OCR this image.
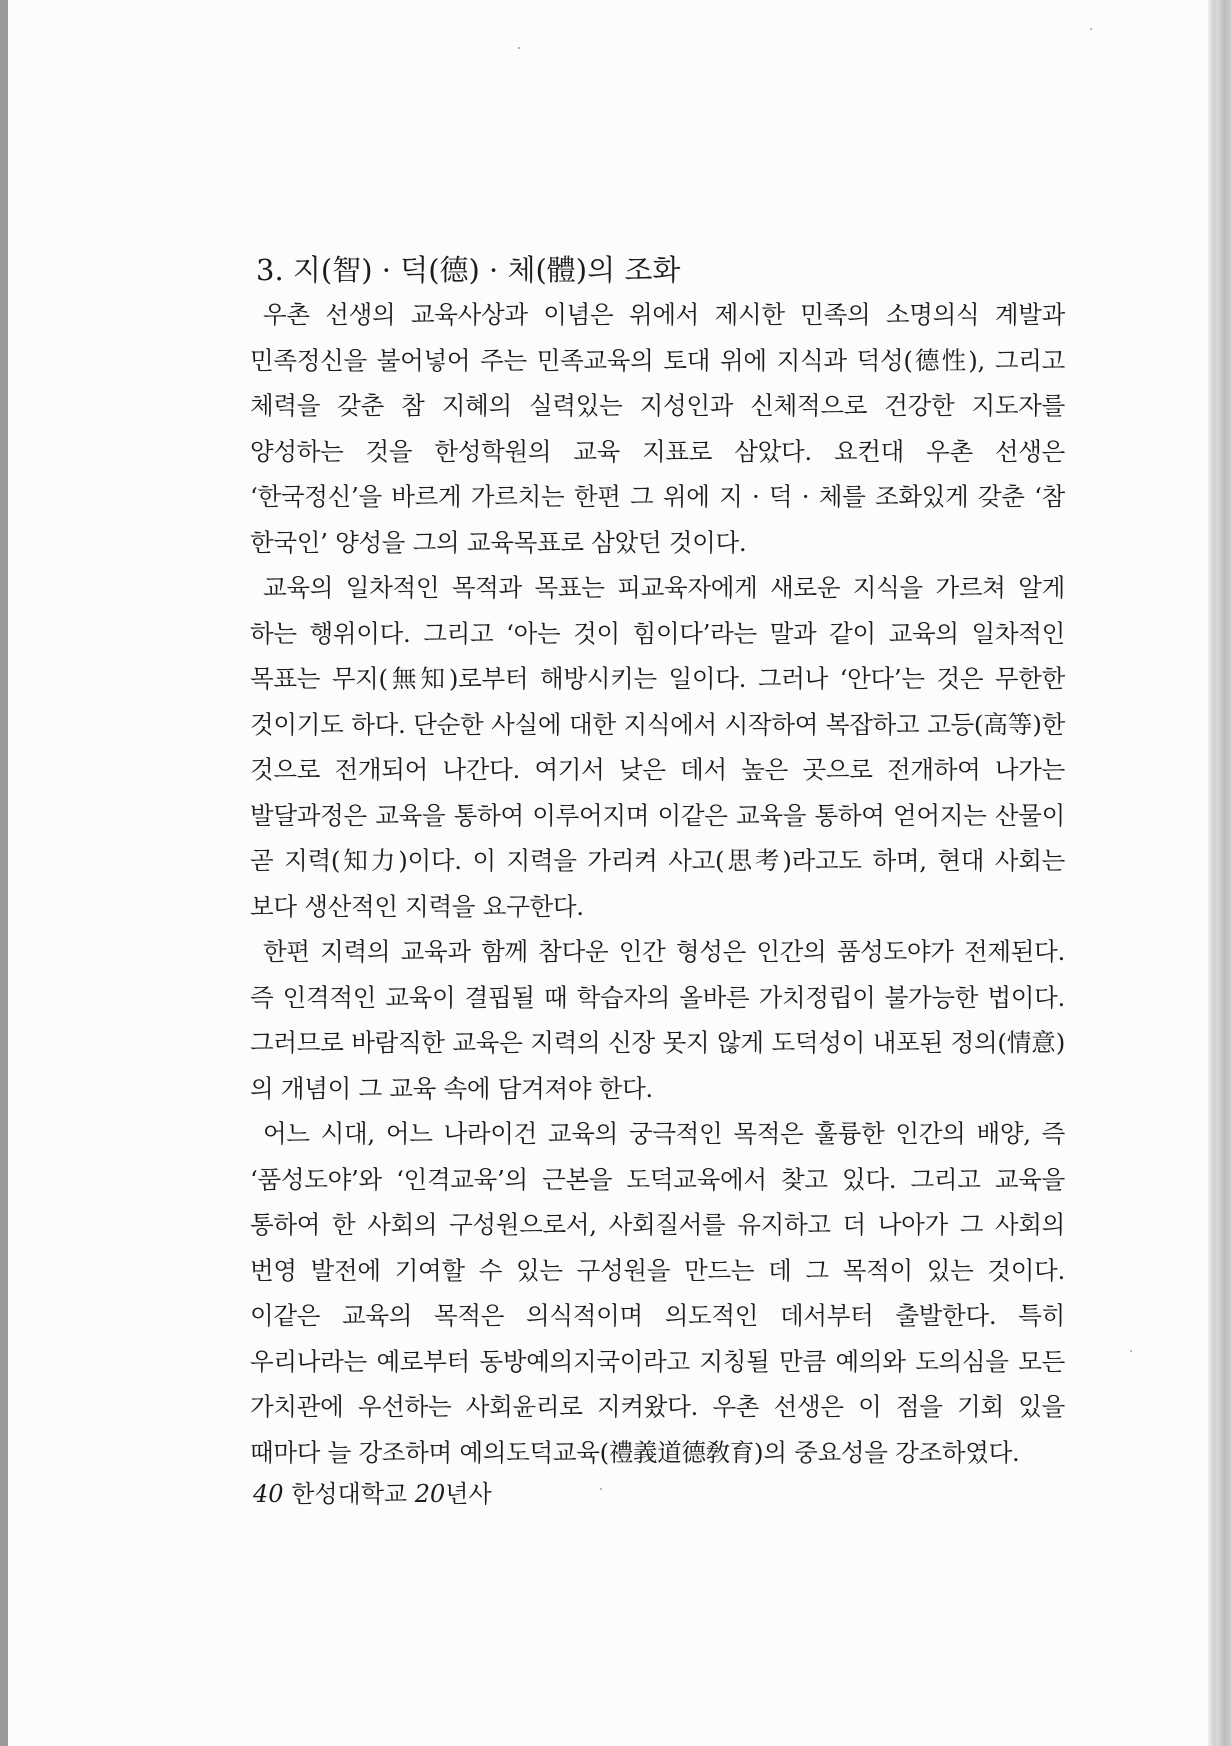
3. 지(智) · 덕(德) · 체(體)의 조화

우촌 선생의 교육사상과 이념은 위에서 제시한 민족의 소명의식 계발과 민족정신을 불어넣어 주는 민족교육의 토대 위에 지식과 덕성(德性), 그리고 체력을 갖춘 참 지혜의 실력있는 지성인과 신체적으로 건강한 지도자를 양성하는 것을 한성학원의 교육 지표로 삼았다. 요컨대 우촌 선생은 ‘한국정신’을 바르게 가르치는 한편 그 위에 지 · 덕 · 체를 조화있게 갖춘 ‘참 한국인’ 양성을 그의 교육목표로 삼았던 것이다.

교육의 일차적인 목적과 목표는 피교육자에게 새로운 지식을 가르쳐 알게 하는 행위이다. 그리고 ‘아는 것이 힘이다’라는 말과 같이 교육의 일차적인 목표는 무지(無知)로부터 해방시키는 일이다. 그러나 ‘안다’는 것은 무한한 것이기도 하다. 단순한 사실에 대한 지식에서 시작하여 복잡하고 고등(高等)한 것으로 전개되어 나간다. 여기서 낮은 데서 높은 곳으로 전개하여 나가는 발달과정은 교육을 통하여 이루어지며 이같은 교육을 통하여 얻어지는 산물이 곧 지력(知力)이다. 이 지력을 가리켜 사고(思考)라고도 하며, 현대 사회는 보다 생산적인 지력을 요구한다.

한편 지력의 교육과 함께 참다운 인간 형성은 인간의 품성도야가 전제된다. 즉 인격적인 교육이 결핍될 때 학습자의 올바른 가치정립이 불가능한 법이다. 그러므로 바람직한 교육은 지력의 신장 못지 않게 도덕성이 내포된 정의(情意)의 개념이 그 교육 속에 담겨져야 한다.

어느 시대, 어느 나라이건 교육의 궁극적인 목적은 훌륭한 인간의 배양, 즉 ‘품성도야’와 ‘인격교육’의 근본을 도덕교육에서 찾고 있다. 그리고 교육을 통하여 한 사회의 구성원으로서, 사회질서를 유지하고 더 나아가 그 사회의 번영 발전에 기여할 수 있는 구성원을 만드는 데 그 목적이 있는 것이다. 이같은 교육의 목적은 의식적이며 의도적인 데서부터 출발한다. 특히 우리나라는 예로부터 동방예의지국이라고 지칭될 만큼 예의와 도의심을 모든 가치관에 우선하는 사회윤리로 지켜왔다. 우촌 선생은 이 점을 기회 있을 때마다 늘 강조하며 예의도덕교육(禮義道德敎育)의 중요성을 강조하였다.

40 한성대학교 20년사
